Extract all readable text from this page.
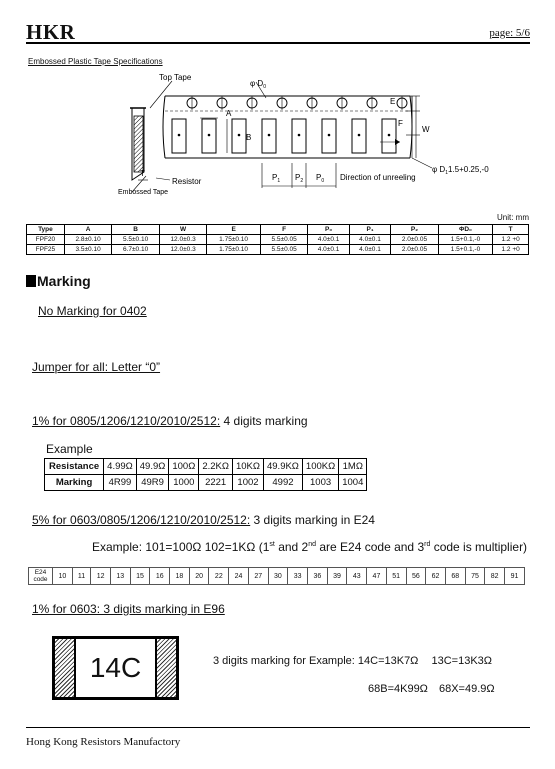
HKR	page: 5/6
Embossed Plastic Tape Specifications
Top Tape
φ $D_0$
A
B
E
F
W
T
Resistor
Embossed Tape
$P_1$ $P_2$ $P_0$ Direction of unreeling
φ $D_11.5+0.25,-0$
Unit: mm
Type	A	B	W	E	F	P₀	P₁	P₂	ΦD₀	T
FPF20	2.8±0.10	5.5±0.10	12.0±0.3	1.75±0.10	5.5±0.05	4.0±0.1	4.0±0.1	2.0±0.05	1.5+0.1,-0	1.2 +0
FPF25	3.5±0.10	6.7±0.10	12.0±0.3	1.75±0.10	5.5±0.05	4.0±0.1	4.0±0.1	2.0±0.05	1.5+0.1,-0	1.2 +0
Marking
No Marking for 0402
Jumper for all: Letter “0”
1% for 0805/1206/1210/2010/2512: 4 digits marking
Example
Resistance	4.99Ω	49.9Ω	100Ω	2.2KΩ	10KΩ	49.9KΩ	100KΩ	1MΩ
Marking	4R99	49R9	1000	2221	1002	4992	1003	1004
5% for 0603/0805/1206/1210/2010/2512: 3 digits marking in E24
Example: 101=100Ω 102=1KΩ (1st and 2nd are E24 code and 3rd code is multiplier)
E24
code	10	11	12	13	15	16	18	20	22	24	27	30	33	36	39	43	47	51	56	62	68	75	82	91
1% for 0603: 3 digits marking in E96
14C	3 digits marking for Example: 14C=13K7Ω 13C=13K3Ω
68B=4K99Ω 68X=49.9Ω
Hong Kong Resistors Manufactory
